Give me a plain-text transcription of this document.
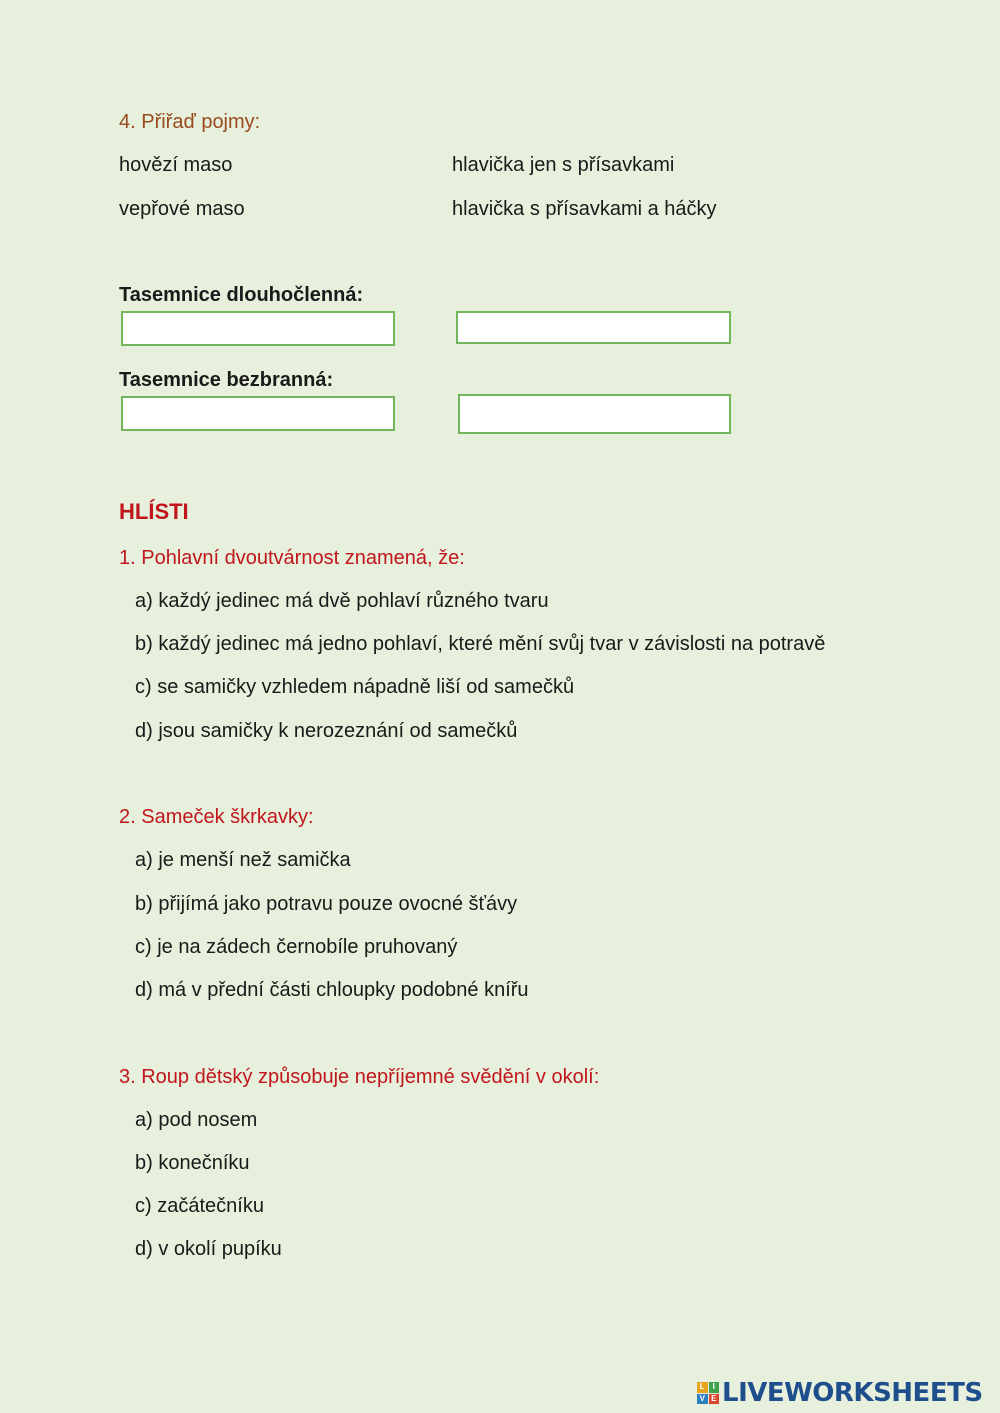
4. Přiřaď pojmy:
hovězí maso	hlavička jen s přísavkami
vepřové maso	hlavička s přísavkami a háčky
Tasemnice dlouhočlenná:
Tasemnice bezbranná:
HLÍSTI
1. Pohlavní dvoutvárnost znamená, že:
a) každý jedinec má dvě pohlaví různého tvaru
b) každý jedinec má jedno pohlaví, které mění svůj tvar v závislosti na potravě
c) se samičky vzhledem nápadně liší od samečků
d) jsou samičky k nerozeznání od samečků
2. Sameček škrkavky:
a) je menší než samička
b) přijímá jako potravu pouze ovocné šťávy
c) je na zádech černobíle pruhovaný
d) má v přední části chloupky podobné knířu
3. Roup dětský způsobuje nepříjemné svědění v okolí:
a) pod nosem
b) konečníku
c) začátečníku
d) v okolí pupíku
L I
V E LIVEWORKSHEETS
